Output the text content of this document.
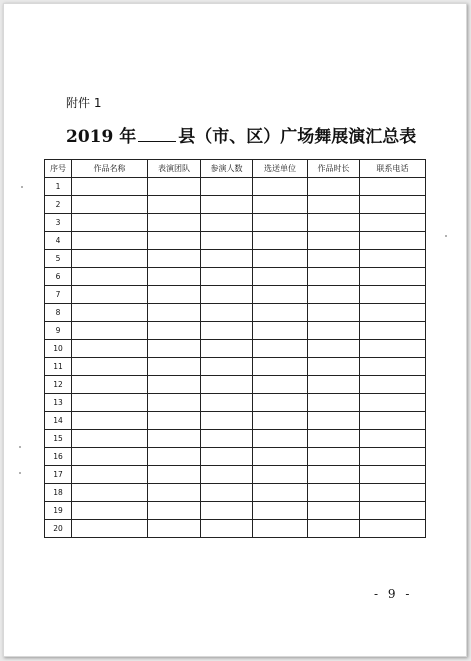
附件 1
2019 年 县（市、区）广场舞展演汇总表
序号	作品名称	表演团队	参演人数	选送单位	作品时长	联系电话
1						
2						
3						
4						
5						
6						
7						
8						
9						
10						
11						
12						
13						
14						
15						
16						
17						
18						
19						
20						
- 9 -
